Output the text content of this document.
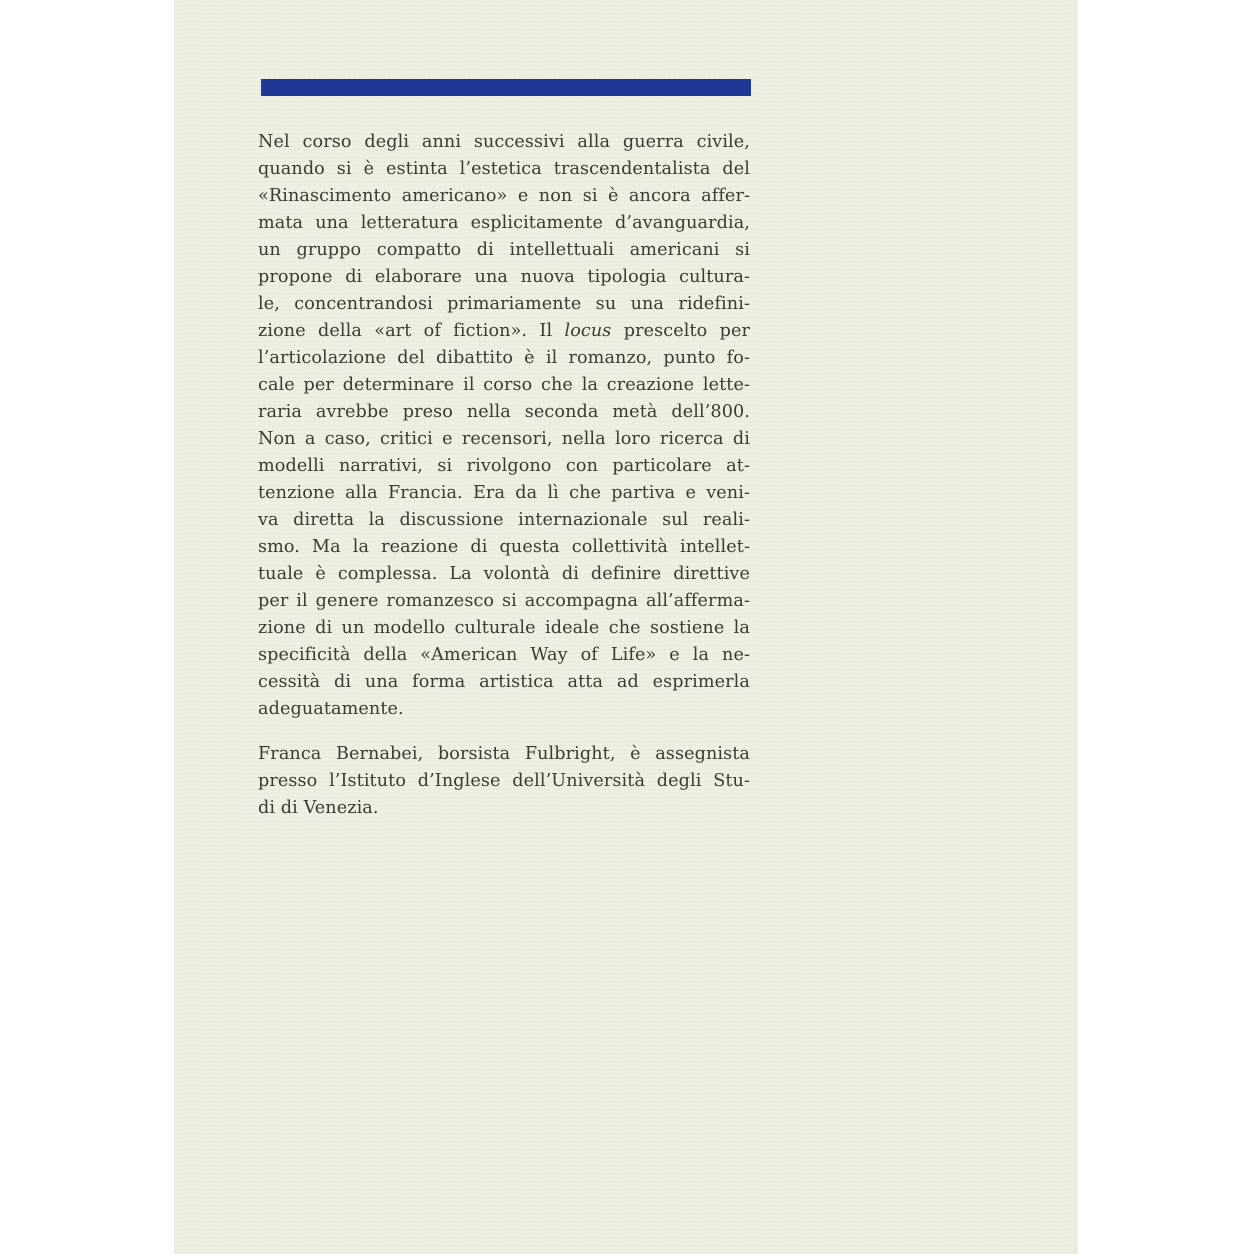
Nel corso degli anni successivi alla guerra civile,
quando si è estinta l’estetica trascendentalista del
«Rinascimento americano» e non si è ancora affer-
mata una letteratura esplicitamente d’avanguardia,
un gruppo compatto di intellettuali americani si
propone di elaborare una nuova tipologia cultura-
le, concentrandosi primariamente su una ridefini-
zione della «art of fiction». Il locus prescelto per
l’articolazione del dibattito è il romanzo, punto fo-
cale per determinare il corso che la creazione lette-
raria avrebbe preso nella seconda metà dell’800.
Non a caso, critici e recensori, nella loro ricerca di
modelli narrativi, si rivolgono con particolare at-
tenzione alla Francia. Era da lì che partiva e veni-
va diretta la discussione internazionale sul reali-
smo. Ma la reazione di questa collettività intellet-
tuale è complessa. La volontà di definire direttive
per il genere romanzesco si accompagna all’afferma-
zione di un modello culturale ideale che sostiene la
specificità della «American Way of Life» e la ne-
cessità di una forma artistica atta ad esprimerla
adeguatamente.
Franca Bernabei, borsista Fulbright, è assegnista
presso l’Istituto d’Inglese dell’Università degli Stu-
di di Venezia.
